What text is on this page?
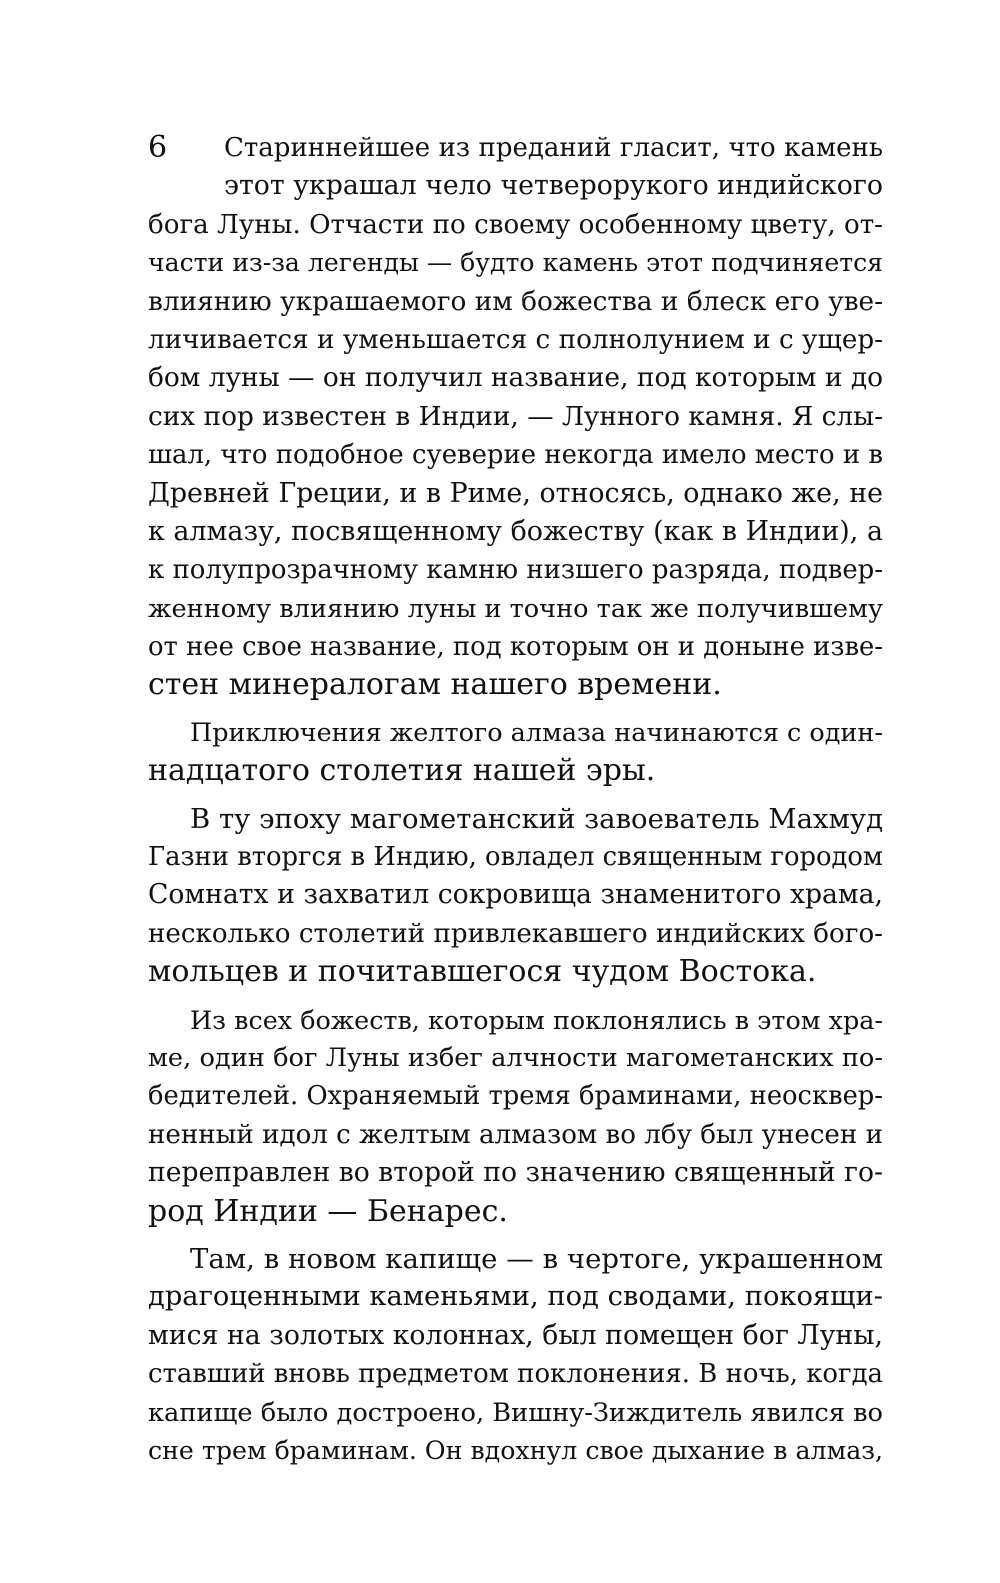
6	Стариннейшее из преданий гласит, что камень
этот украшал чело четверорукого индийского
бога Луны. Отчасти по своему особенному цвету, от-
части из-за легенды — будто камень этот подчиняется
влиянию украшаемого им божества и блеск его уве-
личивается и уменьшается с полнолунием и с ущер-
бом луны — он получил название, под которым и до
сих пор известен в Индии, — Лунного камня. Я слы-
шал, что подобное суеверие некогда имело место и в
Древней Греции, и в Риме, относясь, однако же, не
к алмазу, посвященному божеству (как в Индии), а
к полупрозрачному камню низшего разряда, подвер-
женному влиянию луны и точно так же получившему
от нее свое название, под которым он и доныне изве-
стен минералогам нашего времени.
Приключения желтого алмаза начинаются с один-
надцатого столетия нашей эры.
В ту эпоху магометанский завоеватель Махмуд
Газни вторгся в Индию, овладел священным городом
Сомнатх и захватил сокровища знаменитого храма,
несколько столетий привлекавшего индийских бого-
мольцев и почитавшегося чудом Востока.
Из всех божеств, которым поклонялись в этом хра-
ме, один бог Луны избег алчности магометанских по-
бедителей. Охраняемый тремя браминами, неосквер-
ненный идол с желтым алмазом во лбу был унесен и
переправлен во второй по значению священный го-
род Индии — Бенарес.
Там, в новом капище — в чертоге, украшенном
драгоценными каменьями, под сводами, покоящи-
мися на золотых колоннах, был помещен бог Луны,
ставший вновь предметом поклонения. В ночь, когда
капище было достроено, Вишну-Зиждитель явился во
сне трем браминам. Он вдохнул свое дыхание в алмаз,
